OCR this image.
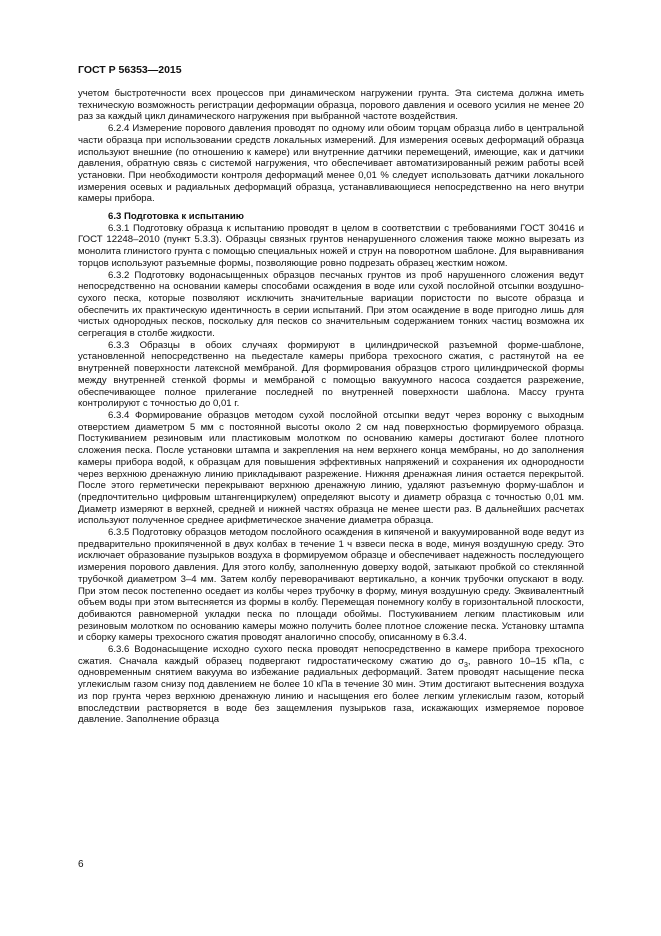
ГОСТ Р 56353—2015

учетом быстротечности всех процессов при динамическом нагружении грунта. Эта система должна иметь техническую возможность регистрации деформации образца, порового давления и осевого усилия не менее 20 раз за каждый цикл динамического нагружения при выбранной частоте воздействия.

6.2.4 Измерение порового давления проводят по одному или обоим торцам образца либо в центральной части образца при использовании средств локальных измерений. Для измерения осевых деформаций образца используют внешние (по отношению к камере) или внутренние датчики перемещений, имеющие, как и датчики давления, обратную связь с системой нагружения, что обеспечивает автоматизированный режим работы всей установки. При необходимости контроля деформаций менее 0,01 % следует использовать датчики локального измерения осевых и радиальных деформаций образца, устанавливающиеся непосредственно на него внутри камеры прибора.

6.3 Подготовка к испытанию

6.3.1 Подготовку образца к испытанию проводят в целом в соответствии с требованиями ГОСТ 30416 и ГОСТ 12248–2010 (пункт 5.3.3). Образцы связных грунтов ненарушенного сложения также можно вырезать из монолита глинистого грунта с помощью специальных ножей и струн на поворотном шаблоне. Для выравнивания торцов используют разъемные формы, позволяющие ровно подрезать образец жестким ножом.

6.3.2 Подготовку водонасыщенных образцов песчаных грунтов из проб нарушенного сложения ведут непосредственно на основании камеры способами осаждения в воде или сухой послойной отсыпки воздушно-сухого песка, которые позволяют исключить значительные вариации пористости по высоте образца и обеспечить их практическую идентичность в серии испытаний. При этом осаждение в воде пригодно лишь для чистых однородных песков, поскольку для песков со значительным содержанием тонких частиц возможна их сегрегация в столбе жидкости.

6.3.3 Образцы в обоих случаях формируют в цилиндрической разъемной форме-шаблоне, установленной непосредственно на пьедестале камеры прибора трехосного сжатия, с растянутой на ее внутренней поверхности латексной мембраной. Для формирования образцов строго цилиндрической формы между внутренней стенкой формы и мембраной с помощью вакуумного насоса создается разрежение, обеспечивающее полное прилегание последней по внутренней поверхности шаблона. Массу грунта контролируют с точностью до 0,01 г.

6.3.4 Формирование образцов методом сухой послойной отсыпки ведут через воронку с выходным отверстием диаметром 5 мм с постоянной высоты около 2 см над поверхностью формируемого образца. Постукиванием резиновым или пластиковым молотком по основанию камеры достигают более плотного сложения песка. После установки штампа и закрепления на нем верхнего конца мембраны, но до заполнения камеры прибора водой, к образцам для повышения эффективных напряжений и сохранения их однородности через верхнюю дренажную линию прикладывают разрежение. Нижняя дренажная линия остается перекрытой. После этого герметически перекрывают верхнюю дренажную линию, удаляют разъемную форму-шаблон и (предпочтительно цифровым штангенциркулем) определяют высоту и диаметр образца с точностью 0,01 мм. Диаметр измеряют в верхней, средней и нижней частях образца не менее шести раз. В дальнейших расчетах используют полученное среднее арифметическое значение диаметра образца.

6.3.5 Подготовку образцов методом послойного осаждения в кипяченой и вакуумированной воде ведут из предварительно прокипяченной в двух колбах в течение 1 ч взвеси песка в воде, минуя воздушную среду. Это исключает образование пузырьков воздуха в формируемом образце и обеспечивает надежность последующего измерения порового давления. Для этого колбу, заполненную доверху водой, затыкают пробкой со стеклянной трубочкой диаметром 3–4 мм. Затем колбу переворачивают вертикально, а кончик трубочки опускают в воду. При этом песок постепенно оседает из колбы через трубочку в форму, минуя воздушную среду. Эквивалентный объем воды при этом вытесняется из формы в колбу. Перемещая понемногу колбу в горизонтальной плоскости, добиваются равномерной укладки песка по площади обоймы. Постукиванием легким пластиковым или резиновым молотком по основанию камеры можно получить более плотное сложение песка. Установку штампа и сборку камеры трехосного сжатия проводят аналогично способу, описанному в 6.3.4.

6.3.6 Водонасыщение исходно сухого песка проводят непосредственно в камере прибора трехосного сжатия. Сначала каждый образец подвергают гидростатическому сжатию до $\sigma_3$, равного 10–15 кПа, с одновременным снятием вакуума во избежание радиальных деформаций. Затем проводят насыщение песка углекислым газом снизу под давлением не более 10 кПа в течение 30 мин. Этим достигают вытеснения воздуха из пор грунта через верхнюю дренажную линию и насыщения его более легким углекислым газом, который впоследствии растворяется в воде без защемления пузырьков газа, искажающих измеряемое поровое давление. Заполнение образца

6
